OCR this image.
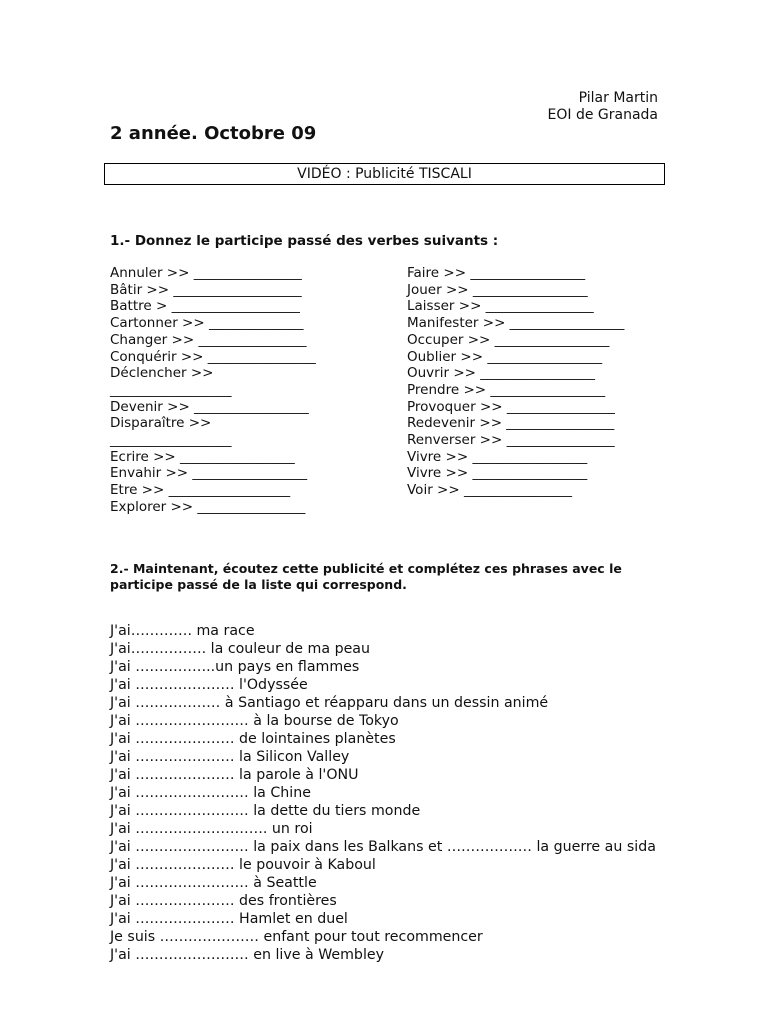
Pilar Martin
EOI de Granada
2 année. Octobre 09
VIDÉO : Publicité TISCALI
1.- Donnez le participe passé des verbes suivants :
Annuler >> ________________
Bâtir >> ___________________
Battre > ___________________
Cartonner >> ______________
Changer >> ________________
Conquérir >> ________________
Déclencher >>
__________________
Devenir >> _________________
Disparaître >>
__________________
Ecrire >> _________________
Envahir >> _________________
Etre >> __________________
Explorer >> ________________
Faire >> _________________
Jouer >> _________________
Laisser >> ________________
Manifester >> _________________
Occuper >> _________________
Oublier >> _________________
Ouvrir >> _________________
Prendre >> _________________
Provoquer >> ________________
Redevenir >> ________________
Renverser >> ________________
Vivre >> _________________
Vivre >> _________________
Voir >> ________________
2.- Maintenant, écoutez cette publicité et complétez ces phrases avec le
participe passé de la liste qui correspond.
J'ai…………. ma race
J'ai……………. la couleur de ma peau
J'ai ……………..un pays en flammes
J'ai ………………… l'Odyssée
J'ai ……………… à Santiago et réapparu dans un dessin animé
J'ai …………………… à la bourse de Tokyo
J'ai ………………… de lointaines planètes
J'ai ………………… la Silicon Valley
J'ai ………………… la parole à l'ONU
J'ai …………………… la Chine
J'ai …………………… la dette du tiers monde
J'ai ………………………. un roi
J'ai …………………… la paix dans les Balkans et ……………… la guerre au sida
J'ai ………………… le pouvoir à Kaboul
J'ai …………………… à Seattle
J'ai ………………… des frontières
J'ai ………………… Hamlet en duel
Je suis ………………… enfant pour tout recommencer
J'ai …………………… en live à Wembley
